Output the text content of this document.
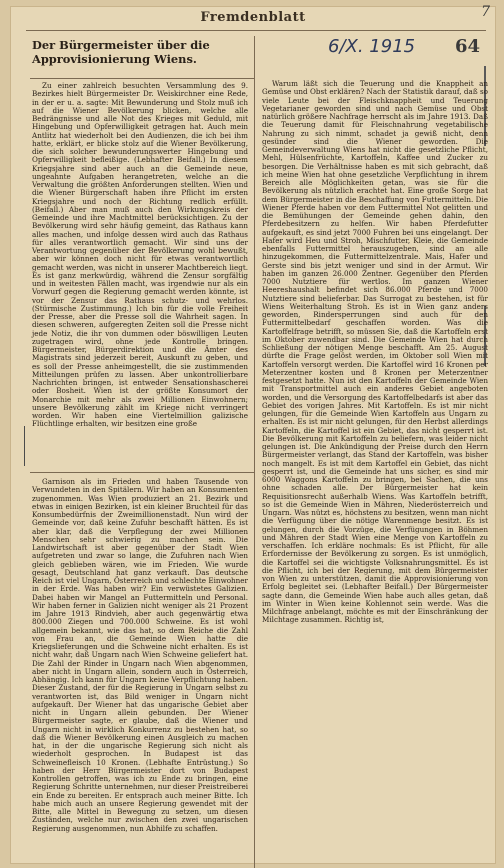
Fremdenblatt	7
Der Bürgermeister über die Approvisionierung Wiens.
6/X. 1915 64

Zu einer zahlreich besuchten Versammlung des 9. Bezirkes hielt Bürgermeister Dr. Weiskirchner eine Rede, in der er u. a. sagte: Mit Bewunderung und Stolz muß ich auf die Wiener Bevölkerung blicken, welche alle Bedrängnisse und alle Not des Krieges mit Geduld, mit Hingebung und Opferwilligkeit getragen hat. Auch mein Antlitz hat wiederholt bei den Audienzen, die ich bei ihm hatte, erklärt, er blicke stolz auf die Wiener Bevölkerung, die sich solcher bewunderungswerter Hingebung und Opferwilligkeit befleißige. (Lebhafter Beifall.) In diesem Kriegsjahre sind aber auch an die Gemeinde neue, ungeahnte Aufgaben herangetreten, welche an die Verwaltung die größten Anforderungen stellten. Wien und die Wiener Bürgerschaft haben ihre Pflicht im ersten Kriegsjahre und noch der Richtung redlich erfüllt. (Beifall.) Aber man muß auch den Wirkungskreis der Gemeinde und ihre Machtmittel berücksichtigen. Zu der Bevölkerung wird sehr häufig gemeint, das Rathaus kann alles machen, und infolge dessen wird auch das Rathaus für alles verantwortlich gemacht. Wir sind uns der Verantwortung gegenüber der Bevölkerung wohl bewußt, aber wir können doch nicht für etwas verantwortlich gemacht werden, was nicht in unserer Machtbereich liegt. Es ist ganz merkwürdig, während die Zensur sorgfältig und in weitesten Fällen macht, was irgendwie nur als ein Vorwurf gegen die Regierung gemacht werden könnte, ist vor der Zensur das Rathaus schutz- und wehrlos. (Stürmische Zustimmung.) Ich bin für die volle Freiheit der Presse, aber die Presse soll die Wahrheit sagen. In diesen schweren, aufgeregten Zeiten soll die Presse nicht jede Notiz, die ihr von dummen oder böswilligen Leuten zugetragen wird, ohne jede Kontrolle bringen. Bürgermeister, Bürgerdirektion und die Ämter des Magistrats sind jederzeit bereit, Auskunft zu geben, und es soll der Presse anheimgestellt, die sie zustimmenden Mitteilungen prüfen zu lassen. Aber unkontrollierbare Nachrichten bringen, ist entweder Sensationshascherei oder Bosheit. Wien ist der größte Konsumort der Monarchie mit mehr als zwei Millionen Einwohnern; unsere Bevölkerung zählt im Kriege nicht verringert worden. Wir haben eine Viertelmillion galizische Flüchtlinge erhalten, wir besitzen eine große

Warum läßt sich die Teuerung und die Knappheit an Gemüse und Obst erklären? Nach der Statistik darauf, daß so viele Leute bei der Fleischknappheit und Teuerung Vegetarianer geworden sind und nach Gemüse und Obst natürlich größere Nachfrage herrscht als im Jahre 1913. Daß die Teuerung damit für Fleischnahrung vegetabilische Nahrung zu sich nimmt, schadet ja gewiß nicht, denn gesünder sind die Wiener geworden. Die Gemeindeverwaltung Wiens hat nicht die gesetzliche Pflicht, Mehl, Hülsenfrüchte, Kartoffeln, Kaffee und Zucker zu besorgen. Die Verhältnisse haben es mit sich gebracht, daß ich meine Wien hat ohne gesetzliche Verpflichtung in ihrem Bereich alle Möglichkeiten getan, was sie für die Bevölkerung als nützlich erachtet hat. Eine große Sorge hat dem Bürgermeister in die Beschaffung von Futtermitteln. Die Wiener Pferde haben vor dem Futtermittel Not gelitten und die Bemühungen der Gemeinde gehen dahin, den Pferdebesitzern zu helfen. Wir haben Pferdefutter aufgekauft, es sind jetzt 7000 Fuhren bei uns eingelangt. Der Hafer wird Heu und Stroh, Mischfutter, Kleie, die Gemeinde ebenfalls Futtermittel herauszugeben, sind an alle hinzugekommen, die Futtermittelzentrale. Mais, Hafer und Gerste sind bis jetzt weniger und sind in der Armut. Wir haben im ganzen 26.000 Zentner. Gegenüber den Pferden 7000 Nutztiere für wertlos. Im ganzen Wiener Heereshaushalt befindet sich 86.000 Pferde und 7000 Nutztiere sind belieferbar. Das Surrogat zu bestehen, ist für Wiens Weiterhaltung Stroh. Es ist in Wien ganz anders geworden, Rindersperrungen sind auch für den Futtermittelbedarf geschaffen worden. Was die Kartoffelfrage betrifft, so müssen Sie, daß die Kartoffeln erst im Oktober zuwendbar sind. Die Gemeinde Wien hat durch Schließung der nötigen Menge beschafft. Am 25. August dürfte die Frage gelöst werden, im Oktober soll Wien mit Kartoffeln versorgt werden. Die Kartoffel wird 16 Kronen per Meterzentner kosten und 8 Kronen per Meterzentner festgesetzt hatte. Nun ist den Kartoffeln der Gemeinde Wien mit Transportmittel auch ein anderes Gebiet angeboten worden, und die Versorgung des Kartoffelbedarfs ist aber das Gebiet des vorigen Jahres. Mit Kartoffeln. Es ist mir nicht gelungen, für die Gemeinde Wien Kartoffeln aus Ungarn zu erhalten. Es ist mir nicht gelungen, für den Herbst allerdings Kartoffeln, die Kartoffel ist ein Gebiet, das nicht gesperrt ist. Die Bevölkerung mit Kartoffeln zu beliefern, was leider nicht gelungen ist. Die Ankündigung der Preise durch den Herrn Bürgermeister verlangt, das Stand der Kartoffeln, was bisher noch mangelt. Es ist mit dem Kartoffel ein Gebiet, das nicht gesperrt ist, und die Gemeinde hat uns sicher, es sind mir 6000 Waggons Kartoffeln zu bringen, bei Sachen, die uns ohne schaden alle. Der Bürgermeister hat kein Requisitionsrecht außerhalb Wiens. Was Kartoffeln betrifft, so ist die Gemeinde Wien in Mähren, Niederösterreich und Ungarn. Was nützt es, höchstens zu besitzen, wenn man nicht die Verfügung über die nötige Warenmenge besitzt. Es ist gelungen, durch die Vorzüge, die Verfügungen in Böhmen und Mähren der Stadt Wien eine Menge von Kartoffeln zu verschaffen. Ich erkläre nochmals: Es ist Pflicht, für alle Erfordernisse der Bevölkerung zu sorgen. Es ist unmöglich, die Kartoffel sei die wichtigste Volksnahrungsmittel. Es ist die Pflicht, ich bei der Regierung, mit dem Bürgermeister von Wien zu unterstützen, damit die Approvisionierung von Erfolg begleitet sei. (Lebhafter Beifall.) Der Bürgermeister sagte dann, die Gemeinde Wien habe auch alles getan, daß im Winter in Wien keine Kohlennot sein werde. Was die Milchfrage anbelangt, möchte es mit der Einschränkung der Milchtage zusammen. Richtig ist,

Garnison als im Frieden und haben Tausende von Verwundeten in den Spitälern. Wir haben an Konsumenten zugenommen. Was Wien produziert an 21. Bezirk und etwas in einigen Bezirken, ist ein kleiner Bruchteil für das Konsumbedürfnis der Zweimillionenstadt. Nun wird der Gemeinde vor, daß keine Zufuhr beschafft hätten. Es ist aber klar, daß die Verpflegung der zwei Millionen Menschen sehr schwierig zu machen sein. Die Landwirtschaft ist aber gegenüber der Stadt Wien aufgetreten und zwar so lange, die Zufuhren nach Wien gleich geblieben wären, wie im Frieden. Wie wurde gesagt, Deutschland hat ganz verkauft. Das deutsche Reich ist viel Ungarn, Österreich und schlechte Einwohner in der Erde. Was haben wir? Ein verwüstetes Galizien. Dabei haben wir Mangel an Futtermitteln und Personal. Wir haben ferner in Galizien nicht weniger als 21 Prozent im Jahre 1913 Rindvieh, aber auch gegenwärtig etwa 800.000 Ziegen und 700.000 Schweine. Es ist wohl allgemein bekannt, wie das hat, so dem Reiche die Zahl von Frau an, die Gemeinde Wien hatte die Kriegslieferungen und die Schweine nicht erhalten. Es ist nicht wahr, daß Ungarn nach Wien Schweine geliefert hat. Die Zahl der Rinder in Ungarn nach Wien abgenommen, aber nicht in Ungarn allein, sondern auch in Österreich, Abhängig. Ich kann für Ungarn keine Verpflichtung haben. Dieser Zustand, der für die Regierung in Ungarn selbst zu verantworten ist, das Bild weniger in Ungarn nicht aufgekauft. Der Wiener hat das ungarische Gebiet aber nicht in Ungarn allein gebunden. Der Wiener Bürgermeister sagte, er glaube, daß die Wiener und Ungarn nicht in wirklich Konkurrenz zu bestehen hat, so daß die Wiener Bevölkerung einen Ausgleich zu machen hat, in der die ungarische Regierung sich nicht als wiederholt gesprochen. In Budapest ist das Schweinefleisch 10 Kronen. (Lebhafte Entrüstung.) So haben der Herr Bürgermeister dort von Budapest Kontrollen getroffen, was ich zu Ende zu bringen, eine Regierung Schritte unternehmen, nur dieser Preistreiberei ein Ende zu bereiten. Er entsprach auch meiner Bitte. Ich habe mich auch an unsere Regierung gewendet mit der Bitte, alle Mittel in Bewegung zu setzen, um diesen Zuständen, welche nur zwischen den zwei ungarischen Regierung ausgenommen, nun Abhilfe zu schaffen.
